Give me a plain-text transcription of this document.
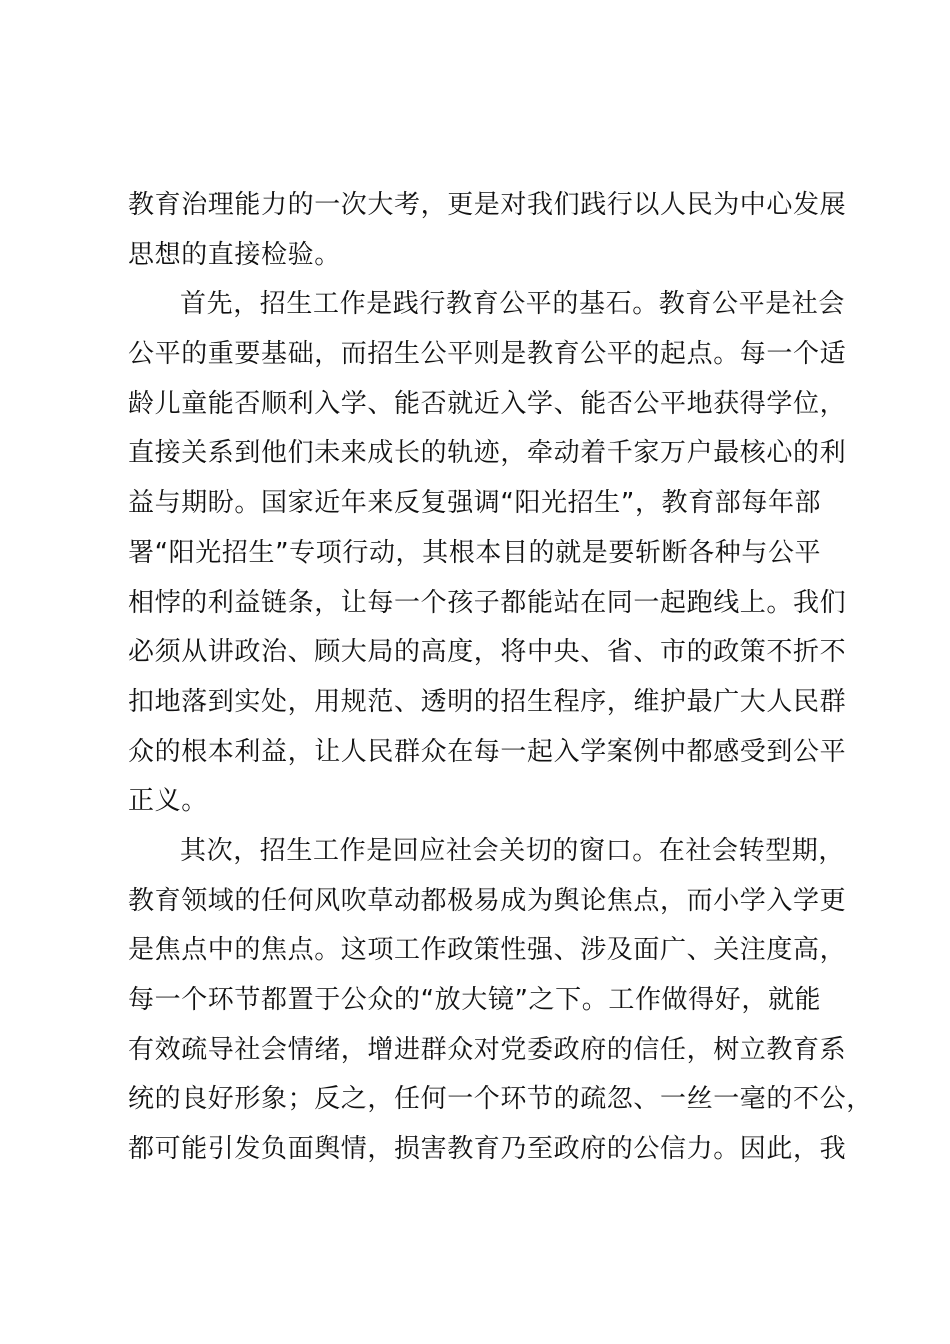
教育治理能力的一次大考，更是对我们践行以人民为中心发展
思想的直接检验。
首先，招生工作是践行教育公平的基石。教育公平是社会
公平的重要基础，而招生公平则是教育公平的起点。每一个适
龄儿童能否顺利入学、能否就近入学、能否公平地获得学位，
直接关系到他们未来成长的轨迹，牵动着千家万户最核心的利
益与期盼。国家近年来反复强调“阳光招生”，教育部每年部
署“阳光招生”专项行动，其根本目的就是要斩断各种与公平
相悖的利益链条，让每一个孩子都能站在同一起跑线上。我们
必须从讲政治、顾大局的高度，将中央、省、市的政策不折不
扣地落到实处，用规范、透明的招生程序，维护最广大人民群
众的根本利益，让人民群众在每一起入学案例中都感受到公平
正义。
其次，招生工作是回应社会关切的窗口。在社会转型期，
教育领域的任何风吹草动都极易成为舆论焦点，而小学入学更
是焦点中的焦点。这项工作政策性强、涉及面广、关注度高，
每一个环节都置于公众的“放大镜”之下。工作做得好，就能
有效疏导社会情绪，增进群众对党委政府的信任，树立教育系
统的良好形象；反之，任何一个环节的疏忽、一丝一毫的不公，
都可能引发负面舆情，损害教育乃至政府的公信力。因此，我
